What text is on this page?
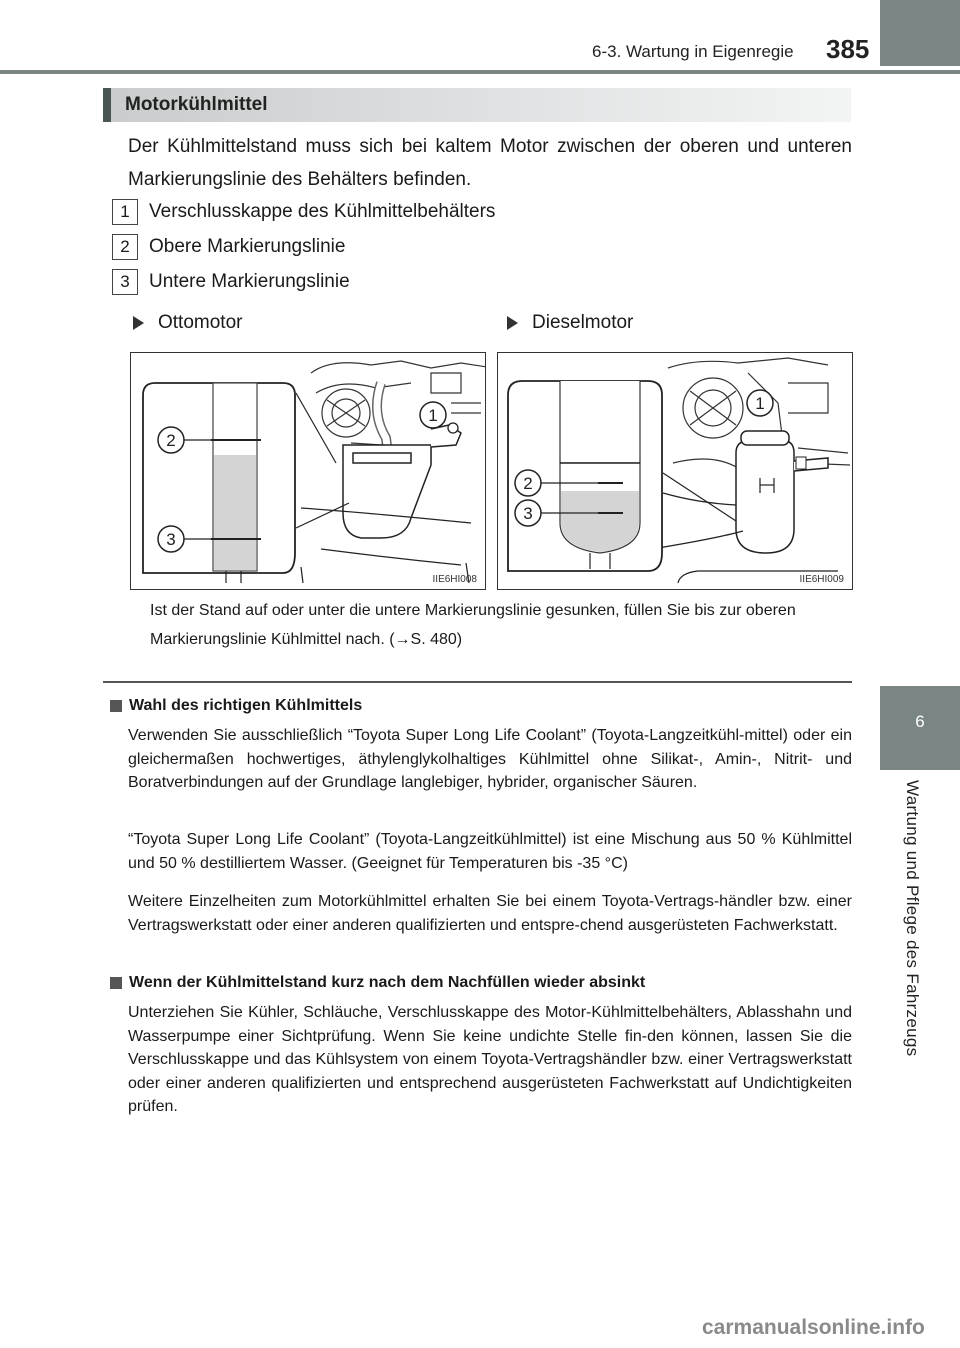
6-3. Wartung in Eigenregie 385
6
Wartung und Pflege des Fahrzeugs
Motorkühlmittel
Der Kühlmittelstand muss sich bei kaltem Motor zwischen der oberen und unteren Markierungslinie des Behälters befinden.
1	Verschlusskappe des Kühlmittelbehälters
2	Obere Markierungslinie
3	Untere Markierungslinie
Ottomotor	Dieselmotor
1
2
3
IIE6HI008
1
2
3
IIE6HI009
Ist der Stand auf oder unter die untere Markierungslinie gesunken, füllen Sie bis zur oberen Markierungslinie Kühlmittel nach. (→S. 480)
Wahl des richtigen Kühlmittels
Verwenden Sie ausschließlich “Toyota Super Long Life Coolant” (Toyota-Langzeitkühl-mittel) oder ein gleichermaßen hochwertiges, äthylenglykolhaltiges Kühlmittel ohne Silikat-, Amin-, Nitrit- und Boratverbindungen auf der Grundlage langlebiger, hybrider, organischer Säuren.
“Toyota Super Long Life Coolant” (Toyota-Langzeitkühlmittel) ist eine Mischung aus 50 % Kühlmittel und 50 % destilliertem Wasser. (Geeignet für Temperaturen bis -35 °C)
Weitere Einzelheiten zum Motorkühlmittel erhalten Sie bei einem Toyota-Vertrags-händler bzw. einer Vertragswerkstatt oder einer anderen qualifizierten und entspre-chend ausgerüsteten Fachwerkstatt.
Wenn der Kühlmittelstand kurz nach dem Nachfüllen wieder absinkt
Unterziehen Sie Kühler, Schläuche, Verschlusskappe des Motor-Kühlmittelbehälters, Ablasshahn und Wasserpumpe einer Sichtprüfung. Wenn Sie keine undichte Stelle fin-den können, lassen Sie die Verschlusskappe und das Kühlsystem von einem Toyota-Vertragshändler bzw. einer Vertragswerkstatt oder einer anderen qualifizierten und entsprechend ausgerüsteten Fachwerkstatt auf Undichtigkeiten prüfen.
carmanualsonline.info
